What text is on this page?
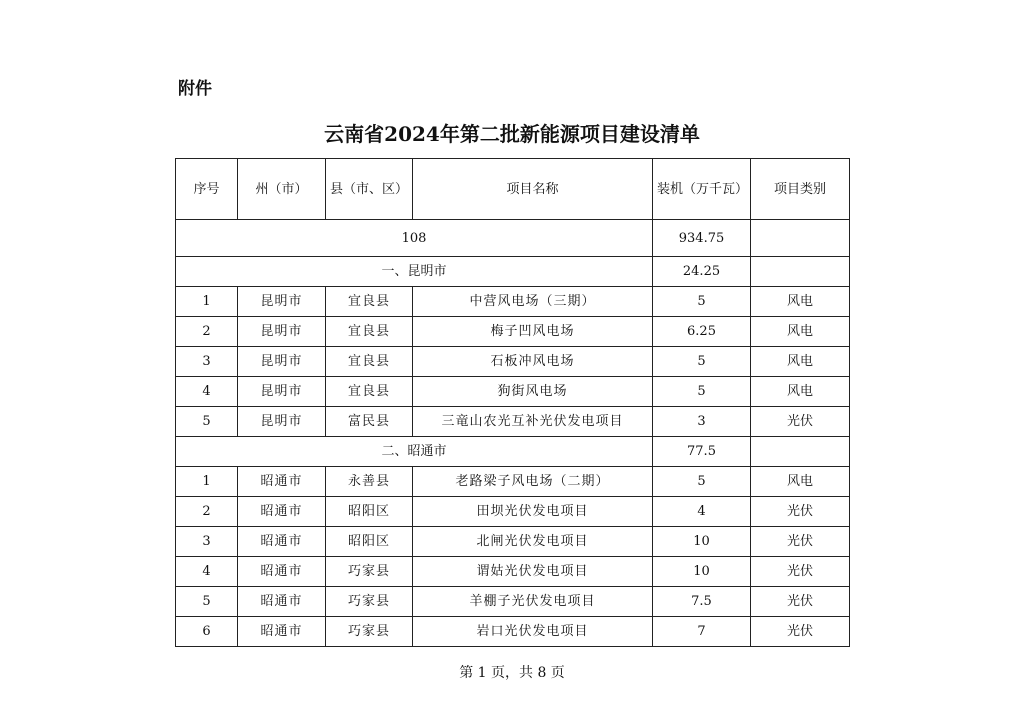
附件
云南省2024年第二批新能源项目建设清单
序号	州（市）	县（市、区）	项目名称	装机（万千瓦）	项目类别
108				934.75	
一、昆明市				24.25	
1	昆明市	宜良县	中营风电场（三期）	5	风电
2	昆明市	宜良县	梅子凹风电场	6.25	风电
3	昆明市	宜良县	石板冲风电场	5	风电
4	昆明市	宜良县	狗街风电场	5	风电
5	昆明市	富民县	三竜山农光互补光伏发电项目	3	光伏
二、昭通市				77.5	
1	昭通市	永善县	老路梁子风电场（二期）	5	风电
2	昭通市	昭阳区	田坝光伏发电项目	4	光伏
3	昭通市	昭阳区	北闸光伏发电项目	10	光伏
4	昭通市	巧家县	谓姑光伏发电项目	10	光伏
5	昭通市	巧家县	羊棚子光伏发电项目	7.5	光伏
6	昭通市	巧家县	岩口光伏发电项目	7	光伏
第 1 页，共 8 页
